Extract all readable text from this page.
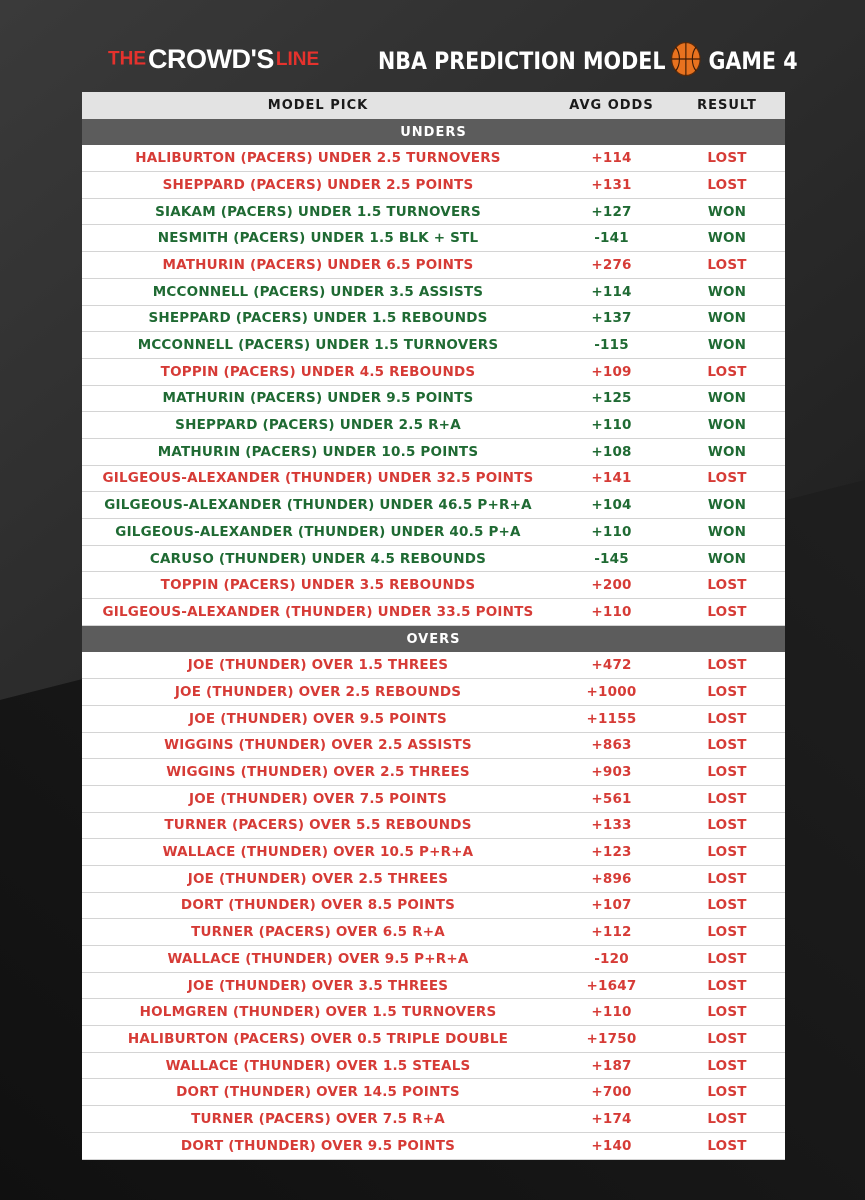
THECROWD'S LINE NBA PREDICTION MODEL GAME 4
MODEL PICK	AVG ODDS	RESULT
UNDERS
HALIBURTON (PACERS) UNDER 2.5 TURNOVERS	+114	LOST
SHEPPARD (PACERS) UNDER 2.5 POINTS	+131	LOST
SIAKAM (PACERS) UNDER 1.5 TURNOVERS	+127	WON
NESMITH (PACERS) UNDER 1.5 BLK + STL	-141	WON
MATHURIN (PACERS) UNDER 6.5 POINTS	+276	LOST
MCCONNELL (PACERS) UNDER 3.5 ASSISTS	+114	WON
SHEPPARD (PACERS) UNDER 1.5 REBOUNDS	+137	WON
MCCONNELL (PACERS) UNDER 1.5 TURNOVERS	-115	WON
TOPPIN (PACERS) UNDER 4.5 REBOUNDS	+109	LOST
MATHURIN (PACERS) UNDER 9.5 POINTS	+125	WON
SHEPPARD (PACERS) UNDER 2.5 R+A	+110	WON
MATHURIN (PACERS) UNDER 10.5 POINTS	+108	WON
GILGEOUS-ALEXANDER (THUNDER) UNDER 32.5 POINTS	+141	LOST
GILGEOUS-ALEXANDER (THUNDER) UNDER 46.5 P+R+A	+104	WON
GILGEOUS-ALEXANDER (THUNDER) UNDER 40.5 P+A	+110	WON
CARUSO (THUNDER) UNDER 4.5 REBOUNDS	-145	WON
TOPPIN (PACERS) UNDER 3.5 REBOUNDS	+200	LOST
GILGEOUS-ALEXANDER (THUNDER) UNDER 33.5 POINTS	+110	LOST
OVERS
JOE (THUNDER) OVER 1.5 THREES	+472	LOST
JOE (THUNDER) OVER 2.5 REBOUNDS	+1000	LOST
JOE (THUNDER) OVER 9.5 POINTS	+1155	LOST
WIGGINS (THUNDER) OVER 2.5 ASSISTS	+863	LOST
WIGGINS (THUNDER) OVER 2.5 THREES	+903	LOST
JOE (THUNDER) OVER 7.5 POINTS	+561	LOST
TURNER (PACERS) OVER 5.5 REBOUNDS	+133	LOST
WALLACE (THUNDER) OVER 10.5 P+R+A	+123	LOST
JOE (THUNDER) OVER 2.5 THREES	+896	LOST
DORT (THUNDER) OVER 8.5 POINTS	+107	LOST
TURNER (PACERS) OVER 6.5 R+A	+112	LOST
WALLACE (THUNDER) OVER 9.5 P+R+A	-120	LOST
JOE (THUNDER) OVER 3.5 THREES	+1647	LOST
HOLMGREN (THUNDER) OVER 1.5 TURNOVERS	+110	LOST
HALIBURTON (PACERS) OVER 0.5 TRIPLE DOUBLE	+1750	LOST
WALLACE (THUNDER) OVER 1.5 STEALS	+187	LOST
DORT (THUNDER) OVER 14.5 POINTS	+700	LOST
TURNER (PACERS) OVER 7.5 R+A	+174	LOST
DORT (THUNDER) OVER 9.5 POINTS	+140	LOST
